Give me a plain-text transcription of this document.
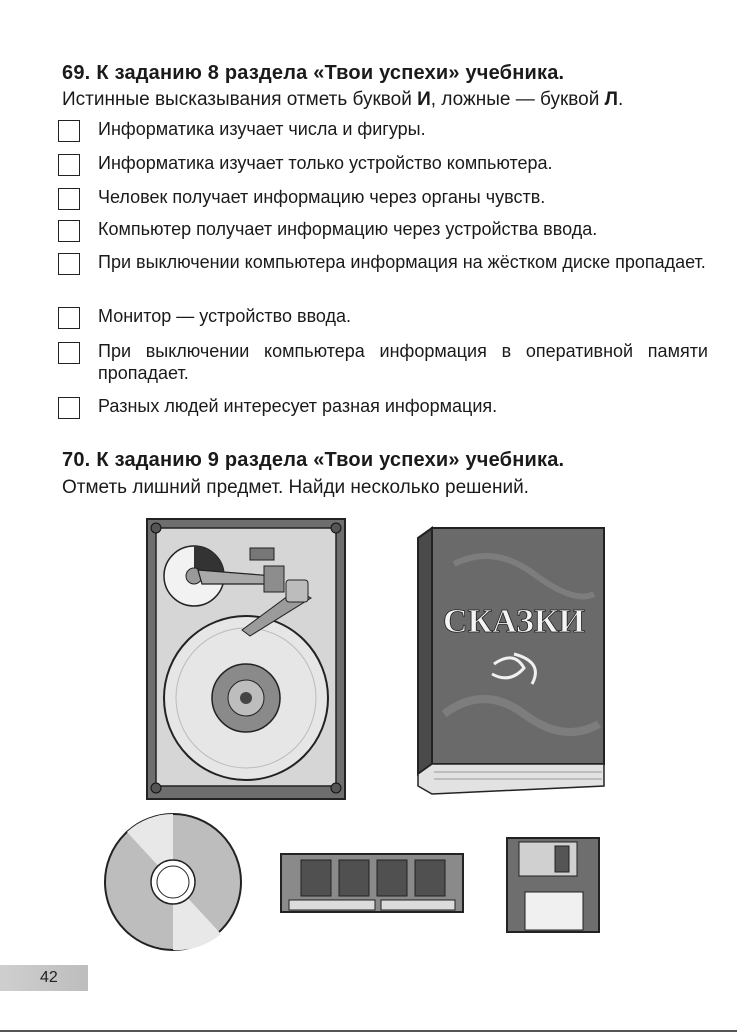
69. К заданию 8 раздела «Твои успехи» учебника.
Истинные высказывания отметь буквой И, ложные — буквой Л.
Информатика изучает числа и фигуры.
Информатика изучает только устройство компьютера.
Человек получает информацию через органы чувств.
Компьютер получает информацию через устройства ввода.
При выключении компьютера информация на жёстком диске пропадает.
Монитор — устройство ввода.
При выключении компьютера информация в оперативной памяти пропадает.
Разных людей интересует разная информация.
70. К заданию 9 раздела «Твои успехи» учебника.
Отметь лишний предмет. Найди несколько решений.
СКАЗКИ
42
